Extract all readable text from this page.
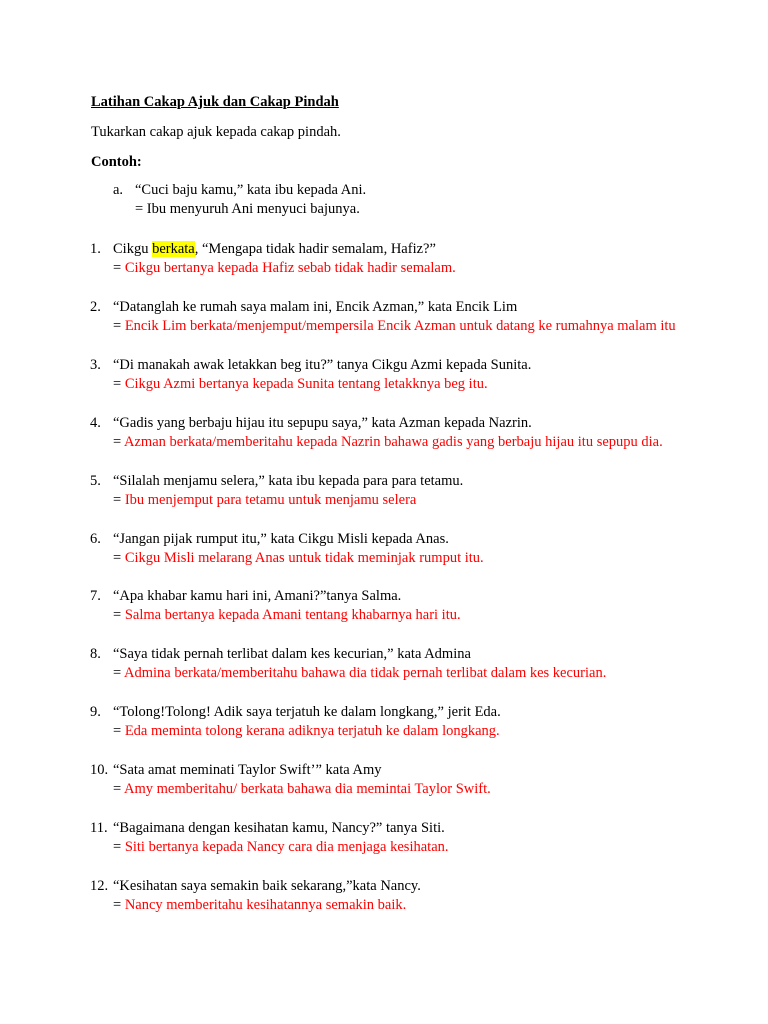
Latihan Cakap Ajuk dan Cakap Pindah
Tukarkan cakap ajuk kepada cakap pindah.
Contoh:
a. “Cuci baju kamu,” kata ibu kepada Ani.
= Ibu menyuruh Ani menyuci bajunya.
1. Cikgu berkata, “Mengapa tidak hadir semalam, Hafiz?”
= Cikgu bertanya kepada Hafiz sebab tidak hadir semalam.
2. “Datanglah ke rumah saya malam ini, Encik Azman,” kata Encik Lim
= Encik Lim berkata/menjemput/mempersila Encik Azman untuk datang ke rumahnya malam itu
3. “Di manakah awak letakkan beg itu?” tanya Cikgu Azmi kepada Sunita.
= Cikgu Azmi bertanya kepada Sunita tentang letakknya beg itu.
4. “Gadis yang berbaju hijau itu sepupu saya,” kata Azman kepada Nazrin.
= Azman berkata/memberitahu kepada Nazrin bahawa gadis yang berbaju hijau itu sepupu dia.
5. “Silalah menjamu selera,” kata ibu kepada para para tetamu.
= Ibu menjemput para tetamu untuk menjamu selera
6. “Jangan pijak rumput itu,” kata Cikgu Misli kepada Anas.
= Cikgu Misli melarang Anas untuk tidak meminjak rumput itu.
7. “Apa khabar kamu hari ini, Amani?”tanya Salma.
= Salma bertanya kepada Amani tentang khabarnya hari itu.
8. “Saya tidak pernah terlibat dalam kes kecurian,” kata Admina
= Admina berkata/memberitahu bahawa dia tidak pernah terlibat dalam kes kecurian.
9. “Tolong!Tolong! Adik saya terjatuh ke dalam longkang,” jerit Eda.
= Eda meminta tolong kerana adiknya terjatuh ke dalam longkang.
10. “Sata amat meminati Taylor Swift’” kata Amy
= Amy memberitahu/ berkata bahawa dia memintai Taylor Swift.
11. “Bagaimana dengan kesihatan kamu, Nancy?” tanya Siti.
= Siti bertanya kepada Nancy cara dia menjaga kesihatan.
12. “Kesihatan saya semakin baik sekarang,”kata Nancy.
= Nancy memberitahu kesihatannya semakin baik.
